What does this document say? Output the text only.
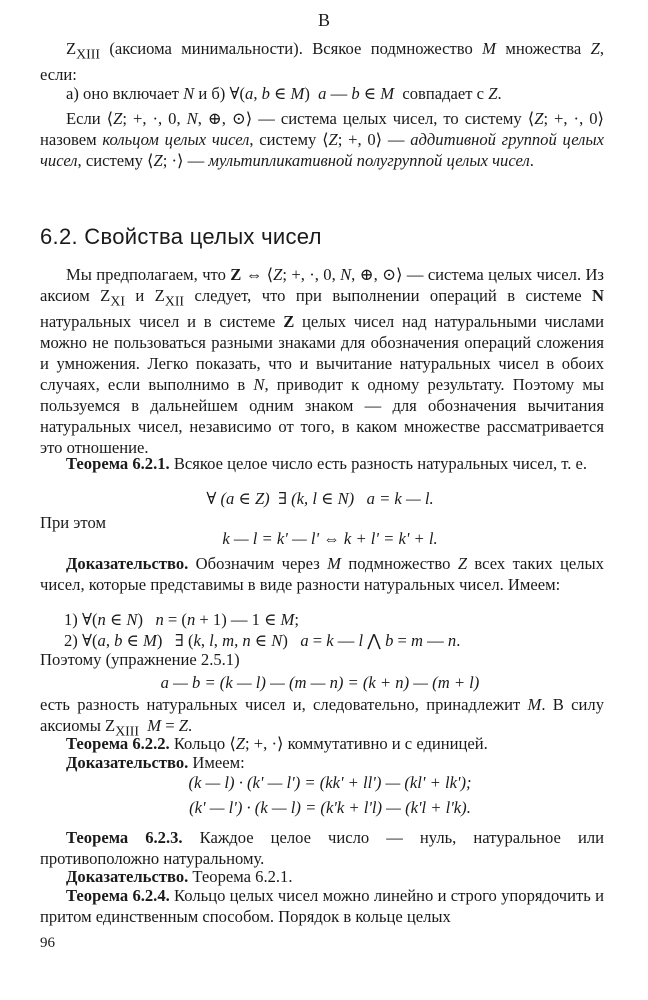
В

$Z_{XIII}$ (аксиома минимальности). Всякое подмножество M множества Z, если:

а) оно включает N и б) ∀(a, b ∈ M)  a — b ∈ M  совпадает с Z.

Если ⟨Z; +, ·, 0, N, ⊕, ⊙⟩ — система целых чисел, то систему ⟨Z; +, ·, 0⟩ назовем кольцом целых чисел, систему ⟨Z; +, 0⟩ — аддитивной группой целых чисел, систему ⟨Z; ·⟩ — мультипликативной полугруппой целых чисел.

6.2. Свойства целых чисел

Мы предполагаем, что Z ⇔ ⟨Z; +, ·, 0, N, ⊕, ⊙⟩ — система целых чисел. Из аксиом $Z_{XI}$ и $Z_{XII}$ следует, что при выполнении операций в системе N натуральных чисел и в системе Z целых чисел над натуральными числами можно не пользоваться разными знаками для обозначения операций сложения и умножения. Легко показать, что и вычитание натуральных чисел в обоих случаях, если выполнимо в N, приводит к одному результату. Поэтому мы пользуемся в дальнейшем одним знаком — для обозначения вычитания натуральных чисел, независимо от того, в каком множестве рассматривается это отношение.

Теорема 6.2.1. Всякое целое число есть разность натуральных чисел, т. е.

∀ (a ∈ Z)  ∃ (k, l ∈ N)   a = k — l.

При этом

k — l = k' — l' ⇔ k + l' = k' + l.

Доказательство. Обозначим через M подмножество Z всех таких целых чисел, которые представимы в виде разности натуральных чисел. Имеем:

1) ∀(n ∈ N)   n = (n + 1) — 1 ∈ M;

2) ∀(a, b ∈ M)   ∃ (k, l, m, n ∈ N)   a = k — l ⋀ b = m — n.

Поэтому (упражнение 2.5.1)

a — b = (k — l) — (m — n) = (k + n) — (m + l)

есть разность натуральных чисел и, следовательно, принадлежит M. В силу аксиомы $Z_{XIII}$ M = Z.

Теорема 6.2.2. Кольцо ⟨Z; +, ·⟩ коммутативно и с единицей.

Доказательство. Имеем:

(k — l) · (k' — l') = (kk' + ll') — (kl' + lk');

(k' — l') · (k — l) = (k'k + l'l) — (k'l + l'k).

Теорема 6.2.3. Каждое целое число — нуль, натуральное или противоположно натуральному.

Доказательство. Теорема 6.2.1.

Теорема 6.2.4. Кольцо целых чисел можно линейно и строго упорядочить и притом единственным способом. Порядок в кольце целых

96
